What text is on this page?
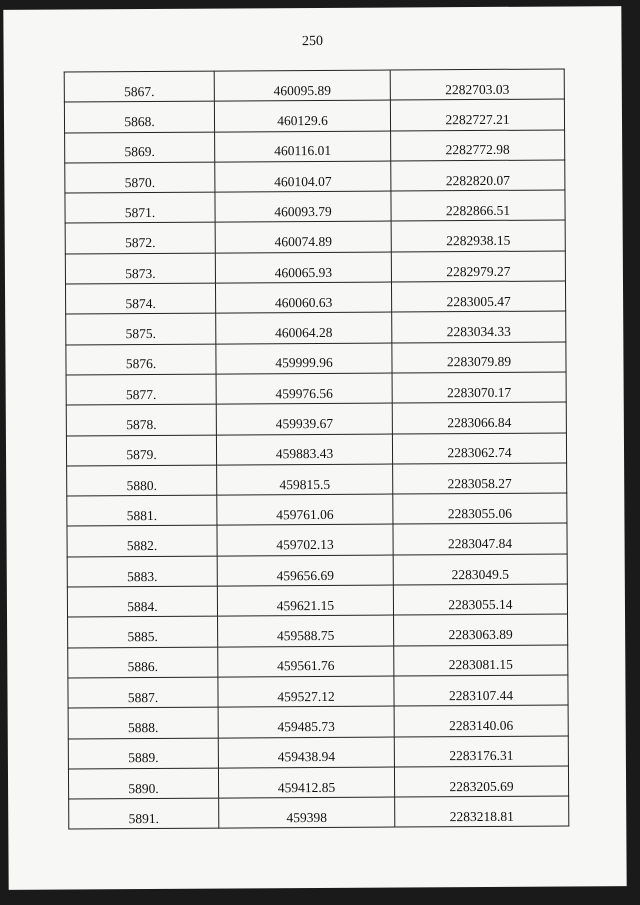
250
5867.	460095.89	2282703.03
5868.	460129.6	2282727.21
5869.	460116.01	2282772.98
5870.	460104.07	2282820.07
5871.	460093.79	2282866.51
5872.	460074.89	2282938.15
5873.	460065.93	2282979.27
5874.	460060.63	2283005.47
5875.	460064.28	2283034.33
5876.	459999.96	2283079.89
5877.	459976.56	2283070.17
5878.	459939.67	2283066.84
5879.	459883.43	2283062.74
5880.	459815.5	2283058.27
5881.	459761.06	2283055.06
5882.	459702.13	2283047.84
5883.	459656.69	2283049.5
5884.	459621.15	2283055.14
5885.	459588.75	2283063.89
5886.	459561.76	2283081.15
5887.	459527.12	2283107.44
5888.	459485.73	2283140.06
5889.	459438.94	2283176.31
5890.	459412.85	2283205.69
5891.	459398	2283218.81
